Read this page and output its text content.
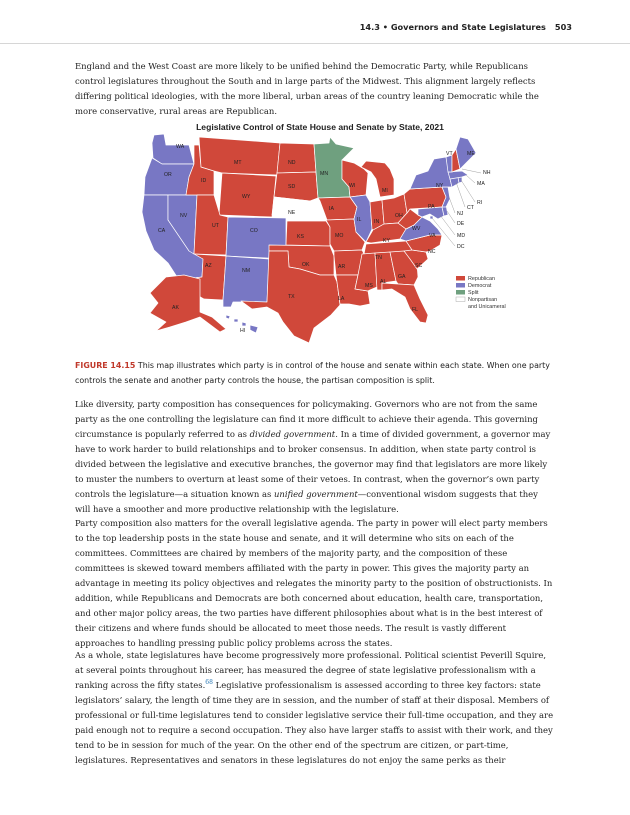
14.3 • Governors and State Legislatures 503

England and the West Coast are more likely to be unified behind the Democratic Party, while Republicans control legislatures throughout the South and in large parts of the Midwest. This alignment largely reflects differing political ideologies, with the more liberal, urban areas of the country leaning Democratic while the more conservative, rural areas are Republican.

Legislative Control of State House and Senate by State, 2021
WA
OR
CA
ID
NV
MT
WY
UT
CO
AZ
NM
ND
SD
NE
KS
OK
TX
MN
IA
MO
AR
LA
WI
IL
MI
IN
OH
KY
TN
MS
AL
GA
FL
SC
NC
VA
WV
PA
NY
VT	ME
NH
MA
RI
CT
NJ
DE
MD
DC
AK
HI
Republican
Democrat
Split
Nonpartisan
and Unicameral

FIGURE 14.15 This map illustrates which party is in control of the house and senate within each state. When one party controls the senate and another party controls the house, the partisan composition is split.

Like diversity, party composition has consequences for policymaking. Governors who are not from the same party as the one controlling the legislature can find it more difficult to achieve their agenda. This governing circumstance is popularly referred to as divided government. In a time of divided government, a governor may have to work harder to build relationships and to broker consensus. In addition, when state party control is divided between the legislative and executive branches, the governor may find that legislators are more likely to muster the numbers to overturn at least some of their vetoes. In contrast, when the governor’s own party controls the legislature—a situation known as unified government—conventional wisdom suggests that they will have a smoother and more productive relationship with the legislature.

Party composition also matters for the overall legislative agenda. The party in power will elect party members to the top leadership posts in the state house and senate, and it will determine who sits on each of the committees. Committees are chaired by members of the majority party, and the composition of these committees is skewed toward members affiliated with the party in power. This gives the majority party an advantage in meeting its policy objectives and relegates the minority party to the position of obstructionists. In addition, while Republicans and Democrats are both concerned about education, health care, transportation, and other major policy areas, the two parties have different philosophies about what is in the best interest of their citizens and where funds should be allocated to meet those needs. The result is vastly different approaches to handling pressing public policy problems across the states.

As a whole, state legislatures have become progressively more professional. Political scientist Peverill Squire, at several points throughout his career, has measured the degree of state legislative professionalism with a ranking across the fifty states.$^{68}$ Legislative professionalism is assessed according to three key factors: state legislators’ salary, the length of time they are in session, and the number of staff at their disposal. Members of professional or full-time legislatures tend to consider legislative service their full-time occupation, and they are paid enough not to require a second occupation. They also have larger staffs to assist with their work, and they tend to be in session for much of the year. On the other end of the spectrum are citizen, or part-time, legislatures. Representatives and senators in these legislatures do not enjoy the same perks as their
